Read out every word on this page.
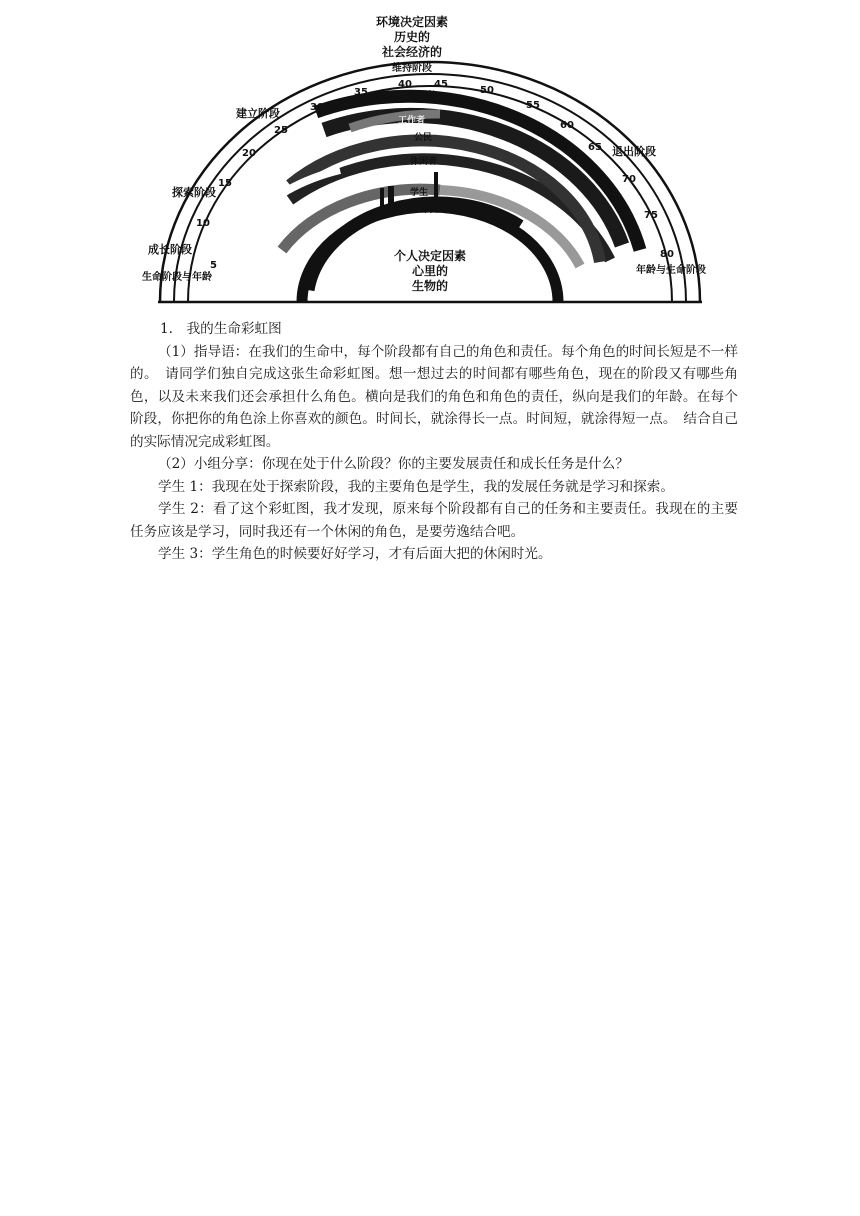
环境决定因素
历史的
社会经济的
维持阶段
建立阶段
探索阶段
成长阶段
生命阶段与年龄
退出阶段
年龄与生命阶段
持家者
工作者
公民
休闲者
学生
子女
个人决定因素
心里的
生物的
5
10
15
20
25
30
35
40 45
50
55
60
65
70
75
80

1.　我的生命彩虹图

（1）指导语：在我们的生命中，每个阶段都有自己的角色和责任。每个角色的时间长短是不一样的。　请同学们独自完成这张生命彩虹图。想一想过去的时间都有哪些角色，现在的阶段又有哪些角色，以及未来我们还会承担什么角色。横向是我们的角色和角色的责任，纵向是我们的年龄。在每个阶段，你把你的角色涂上你喜欢的颜色。时间长，就涂得长一点。时间短，就涂得短一点。　结合自己的实际情况完成彩虹图。

（2）小组分享：你现在处于什么阶段？你的主要发展责任和成长任务是什么？

学生 1：我现在处于探索阶段，我的主要角色是学生，我的发展任务就是学习和探索。

学生 2：看了这个彩虹图，我才发现，原来每个阶段都有自己的任务和主要责任。我现在的主要任务应该是学习，同时我还有一个休闲的角色，是要劳逸结合吧。

学生 3：学生角色的时候要好好学习，才有后面大把的休闲时光。
